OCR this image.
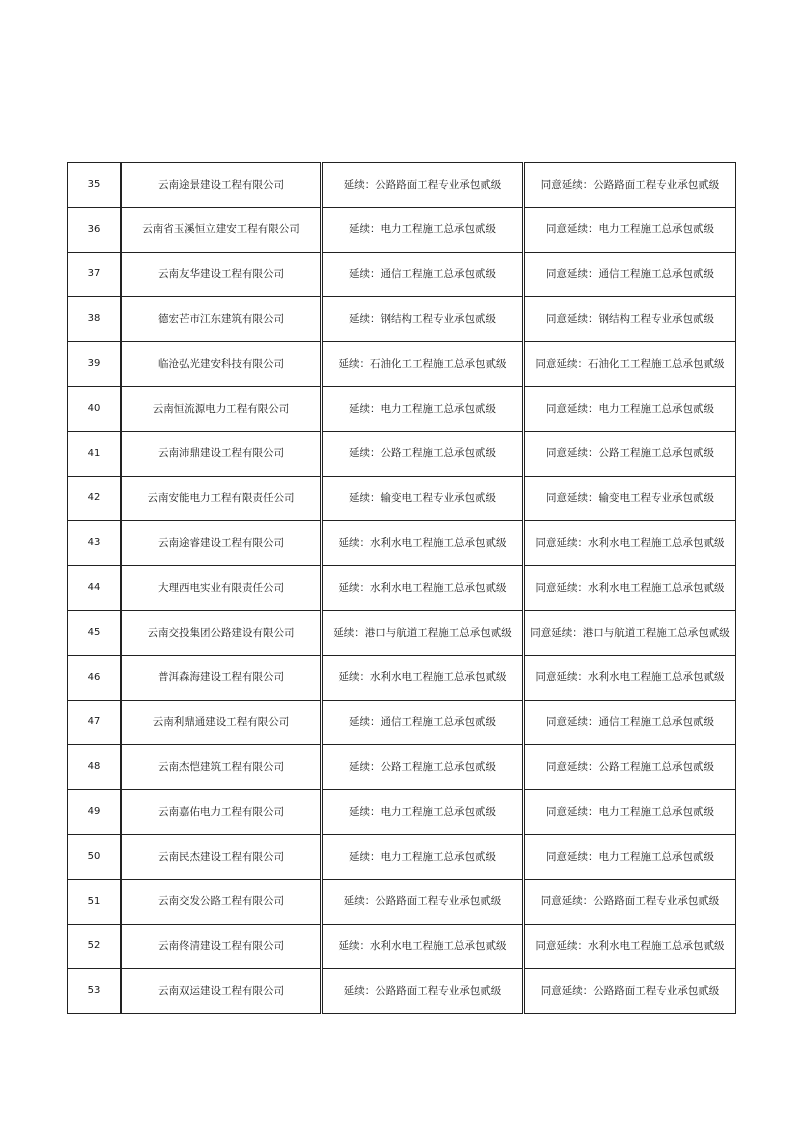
35	云南途景建设工程有限公司	延续：公路路面工程专业承包贰级	同意延续：公路路面工程专业承包贰级
36	云南省玉溪恒立建安工程有限公司	延续：电力工程施工总承包贰级	同意延续：电力工程施工总承包贰级
37	云南友华建设工程有限公司	延续：通信工程施工总承包贰级	同意延续：通信工程施工总承包贰级
38	德宏芒市江东建筑有限公司	延续：钢结构工程专业承包贰级	同意延续：钢结构工程专业承包贰级
39	临沧弘光建安科技有限公司	延续：石油化工工程施工总承包贰级	同意延续：石油化工工程施工总承包贰级
40	云南恒流源电力工程有限公司	延续：电力工程施工总承包贰级	同意延续：电力工程施工总承包贰级
41	云南沛鼎建设工程有限公司	延续：公路工程施工总承包贰级	同意延续：公路工程施工总承包贰级
42	云南安能电力工程有限责任公司	延续：输变电工程专业承包贰级	同意延续：输变电工程专业承包贰级
43	云南途睿建设工程有限公司	延续：水利水电工程施工总承包贰级	同意延续：水利水电工程施工总承包贰级
44	大理西电实业有限责任公司	延续：水利水电工程施工总承包贰级	同意延续：水利水电工程施工总承包贰级
45	云南交投集团公路建设有限公司	延续：港口与航道工程施工总承包贰级	同意延续：港口与航道工程施工总承包贰级
46	普洱森海建设工程有限公司	延续：水利水电工程施工总承包贰级	同意延续：水利水电工程施工总承包贰级
47	云南利鼎通建设工程有限公司	延续：通信工程施工总承包贰级	同意延续：通信工程施工总承包贰级
48	云南杰恺建筑工程有限公司	延续：公路工程施工总承包贰级	同意延续：公路工程施工总承包贰级
49	云南嘉佑电力工程有限公司	延续：电力工程施工总承包贰级	同意延续：电力工程施工总承包贰级
50	云南民杰建设工程有限公司	延续：电力工程施工总承包贰级	同意延续：电力工程施工总承包贰级
51	云南交发公路工程有限公司	延续：公路路面工程专业承包贰级	同意延续：公路路面工程专业承包贰级
52	云南佟清建设工程有限公司	延续：水利水电工程施工总承包贰级	同意延续：水利水电工程施工总承包贰级
53	云南双运建设工程有限公司	延续：公路路面工程专业承包贰级	同意延续：公路路面工程专业承包贰级
